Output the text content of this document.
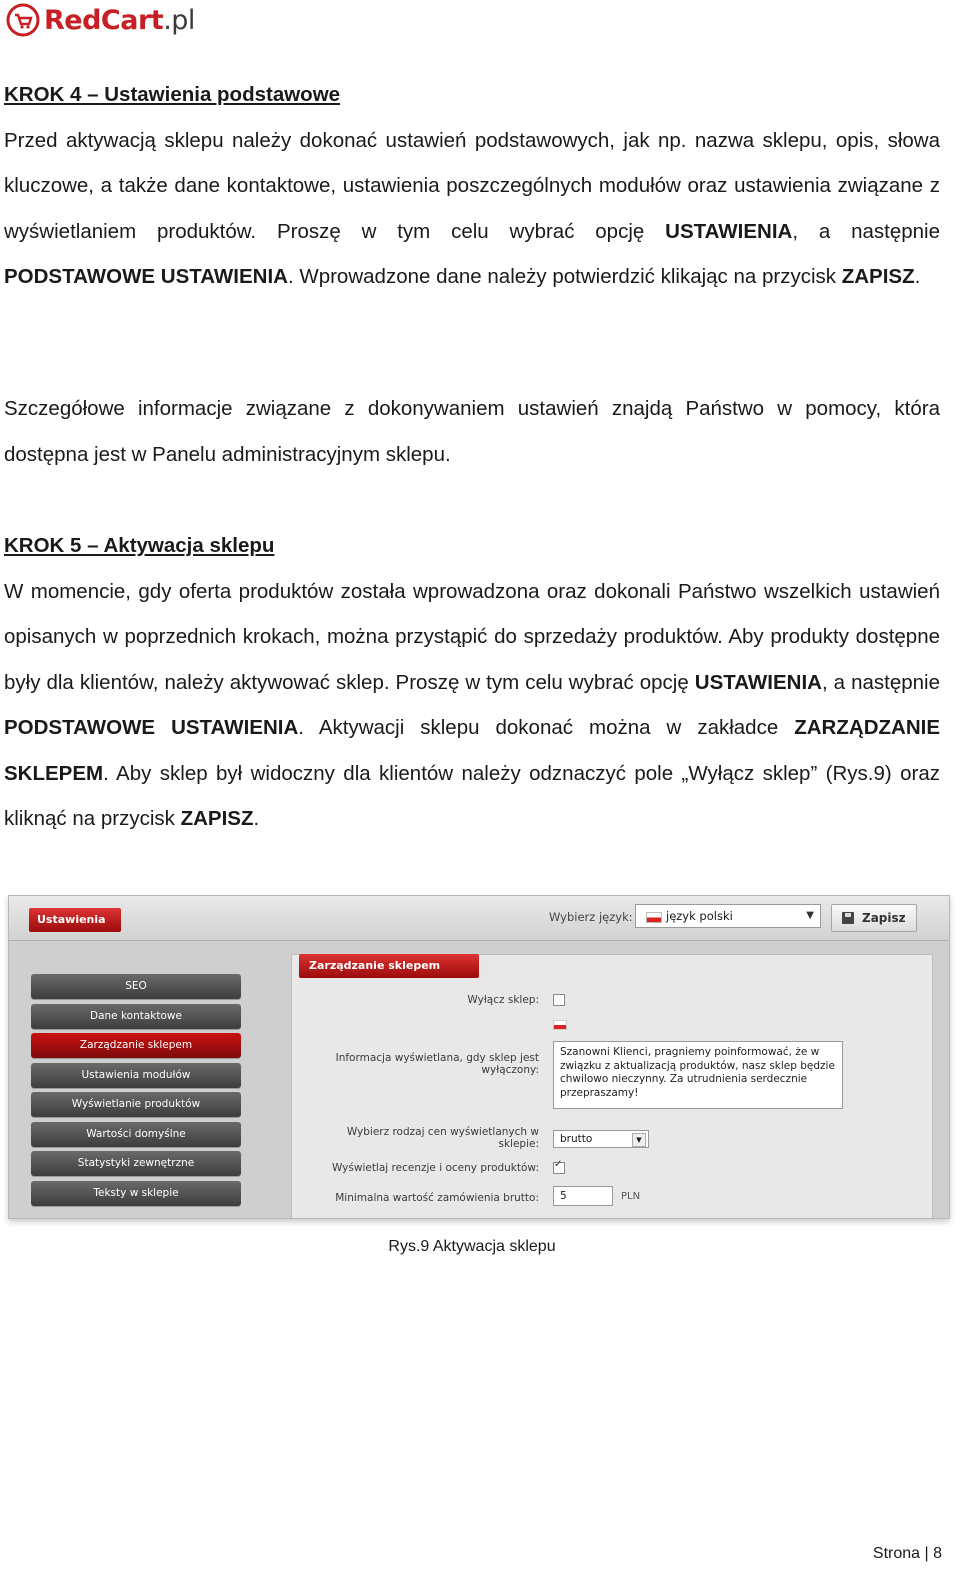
RedCart.pl
KROK 4 – Ustawienia podstawowe

Przed aktywacją sklepu należy dokonać ustawień podstawowych, jak np. nazwa sklepu, opis, słowa kluczowe, a także dane kontaktowe, ustawienia poszczególnych modułów oraz ustawienia związane z wyświetlaniem produktów. Proszę w tym celu wybrać opcję USTAWIENIA, a następnie PODSTAWOWE USTAWIENIA. Wprowadzone dane należy potwierdzić klikając na przycisk ZAPISZ.

Szczegółowe informacje związane z dokonywaniem ustawień znajdą Państwo w pomocy, która dostępna jest w Panelu administracyjnym sklepu.

KROK 5 – Aktywacja sklepu

W momencie, gdy oferta produktów została wprowadzona oraz dokonali Państwo wszelkich ustawień opisanych w poprzednich krokach, można przystąpić do sprzedaży produktów. Aby produkty dostępne były dla klientów, należy aktywować sklep. Proszę w tym celu wybrać opcję USTAWIENIA, a następnie PODSTAWOWE USTAWIENIA. Aktywacji sklepu dokonać można w zakładce ZARZĄDZANIE SKLEPEM. Aby sklep był widoczny dla klientów należy odznaczyć pole „Wyłącz sklep” (Rys.9) oraz kliknąć na przycisk ZAPISZ.

Ustawienia	Wybierz język:	język polski	▼	Zapisz
SEO
Dane kontaktowe
Zarządzanie sklepem
Ustawienia modułów
Wyświetlanie produktów
Wartości domyślne
Statystyki zewnętrzne
Teksty w sklepie
Zarządzanie sklepem
Wyłącz sklep:
Informacja wyświetlana, gdy sklep jest wyłączony:
Szanowni Klienci, pragniemy poinformować, że w związku z aktualizacją produktów, nasz sklep będzie chwilowo nieczynny. Za utrudnienia serdecznie przepraszamy!
Wybierz rodzaj cen wyświetlanych w sklepie:	brutto	▼
Wyświetlaj recenzje i oceny produktów:
✓
Minimalna wartość zamówienia brutto:	5	PLN
Rys.9 Aktywacja sklepu
Strona | 8
